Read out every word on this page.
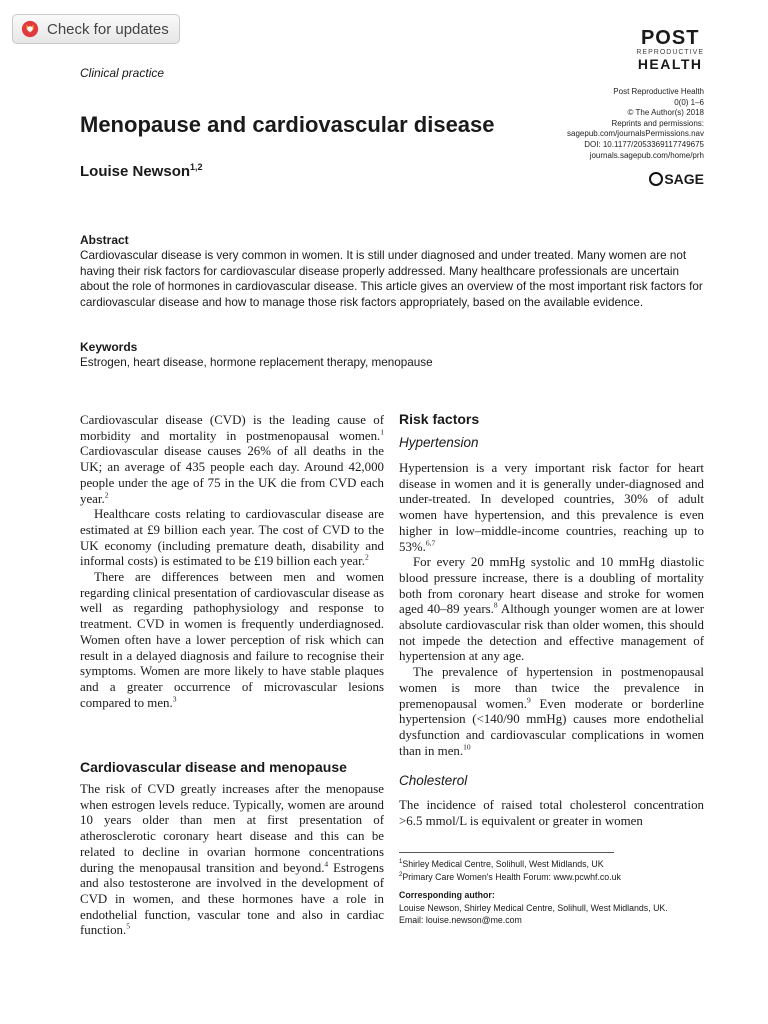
Check for updates	POST
REPRODUCTIVE
HEALTH
Post Reproductive Health
0(0) 1–6
© The Author(s) 2018
Reprints and permissions:
sagepub.com/journalsPermissions.nav
DOI: 10.1177/2053369117749675
journals.sagepub.com/home/prh
SAGE
Clinical practice
Menopause and cardiovascular disease
Louise Newson$^{1,2}$
Abstract
Cardiovascular disease is very common in women. It is still under diagnosed and under treated. Many women are not having their risk factors for cardiovascular disease properly addressed. Many healthcare professionals are uncertain about the role of hormones in cardiovascular disease. This article gives an overview of the most important risk factors for cardiovascular disease and how to manage those risk factors appropriately, based on the available evidence.
Keywords
Estrogen, heart disease, hormone replacement therapy, menopause

Cardiovascular disease (CVD) is the leading cause of morbidity and mortality in postmenopausal women.$^1$ Cardiovascular disease causes 26% of all deaths in the UK; an average of 435 people each day. Around 42,000 people under the age of 75 in the UK die from CVD each year.$^2$

Healthcare costs relating to cardiovascular disease are estimated at £9 billion each year. The cost of CVD to the UK economy (including premature death, disability and informal costs) is estimated to be £19 billion each year.$^2$

There are differences between men and women regarding clinical presentation of cardiovascular disease as well as regarding pathophysiology and response to treatment. CVD in women is frequently underdiagnosed. Women often have a lower perception of risk which can result in a delayed diagnosis and failure to recognise their symptoms. Women are more likely to have stable plaques and a greater occurrence of microvascular lesions compared to men.$^3$

Cardiovascular disease and menopause

The risk of CVD greatly increases after the menopause when estrogen levels reduce. Typically, women are around 10 years older than men at first presentation of atherosclerotic coronary heart disease and this can be related to decline in ovarian hormone concentrations during the menopausal transition and beyond.$^4$ Estrogens and also testosterone are involved in the development of CVD in women, and these hormones have a role in endothelial function, vascular tone and also in cardiac function.$^5$

Risk factors
Hypertension

Hypertension is a very important risk factor for heart disease in women and it is generally under-diagnosed and under-treated. In developed countries, 30% of adult women have hypertension, and this prevalence is even higher in low–middle-income countries, reaching up to 53%.$^{6,7}$

For every 20 mmHg systolic and 10 mmHg diastolic blood pressure increase, there is a doubling of mortality both from coronary heart disease and stroke for women aged 40–89 years.$^8$ Although younger women are at lower absolute cardiovascular risk than older women, this should not impede the detection and effective management of hypertension at any age.

The prevalence of hypertension in postmenopausal women is more than twice the prevalence in premenopausal women.$^9$ Even moderate or borderline hypertension (<140/90 mmHg) causes more endothelial dysfunction and cardiovascular complications in women than in men.$^{10}$

Cholesterol

The incidence of raised total cholesterol concentration >6.5 mmol/L is equivalent or greater in women

$^1$Shirley Medical Centre, Solihull, West Midlands, UK
$^2$Primary Care Women's Health Forum: www.pcwhf.co.uk
Corresponding author:
Louise Newson, Shirley Medical Centre, Solihull, West Midlands, UK.
Email: louise.newson@me.com
